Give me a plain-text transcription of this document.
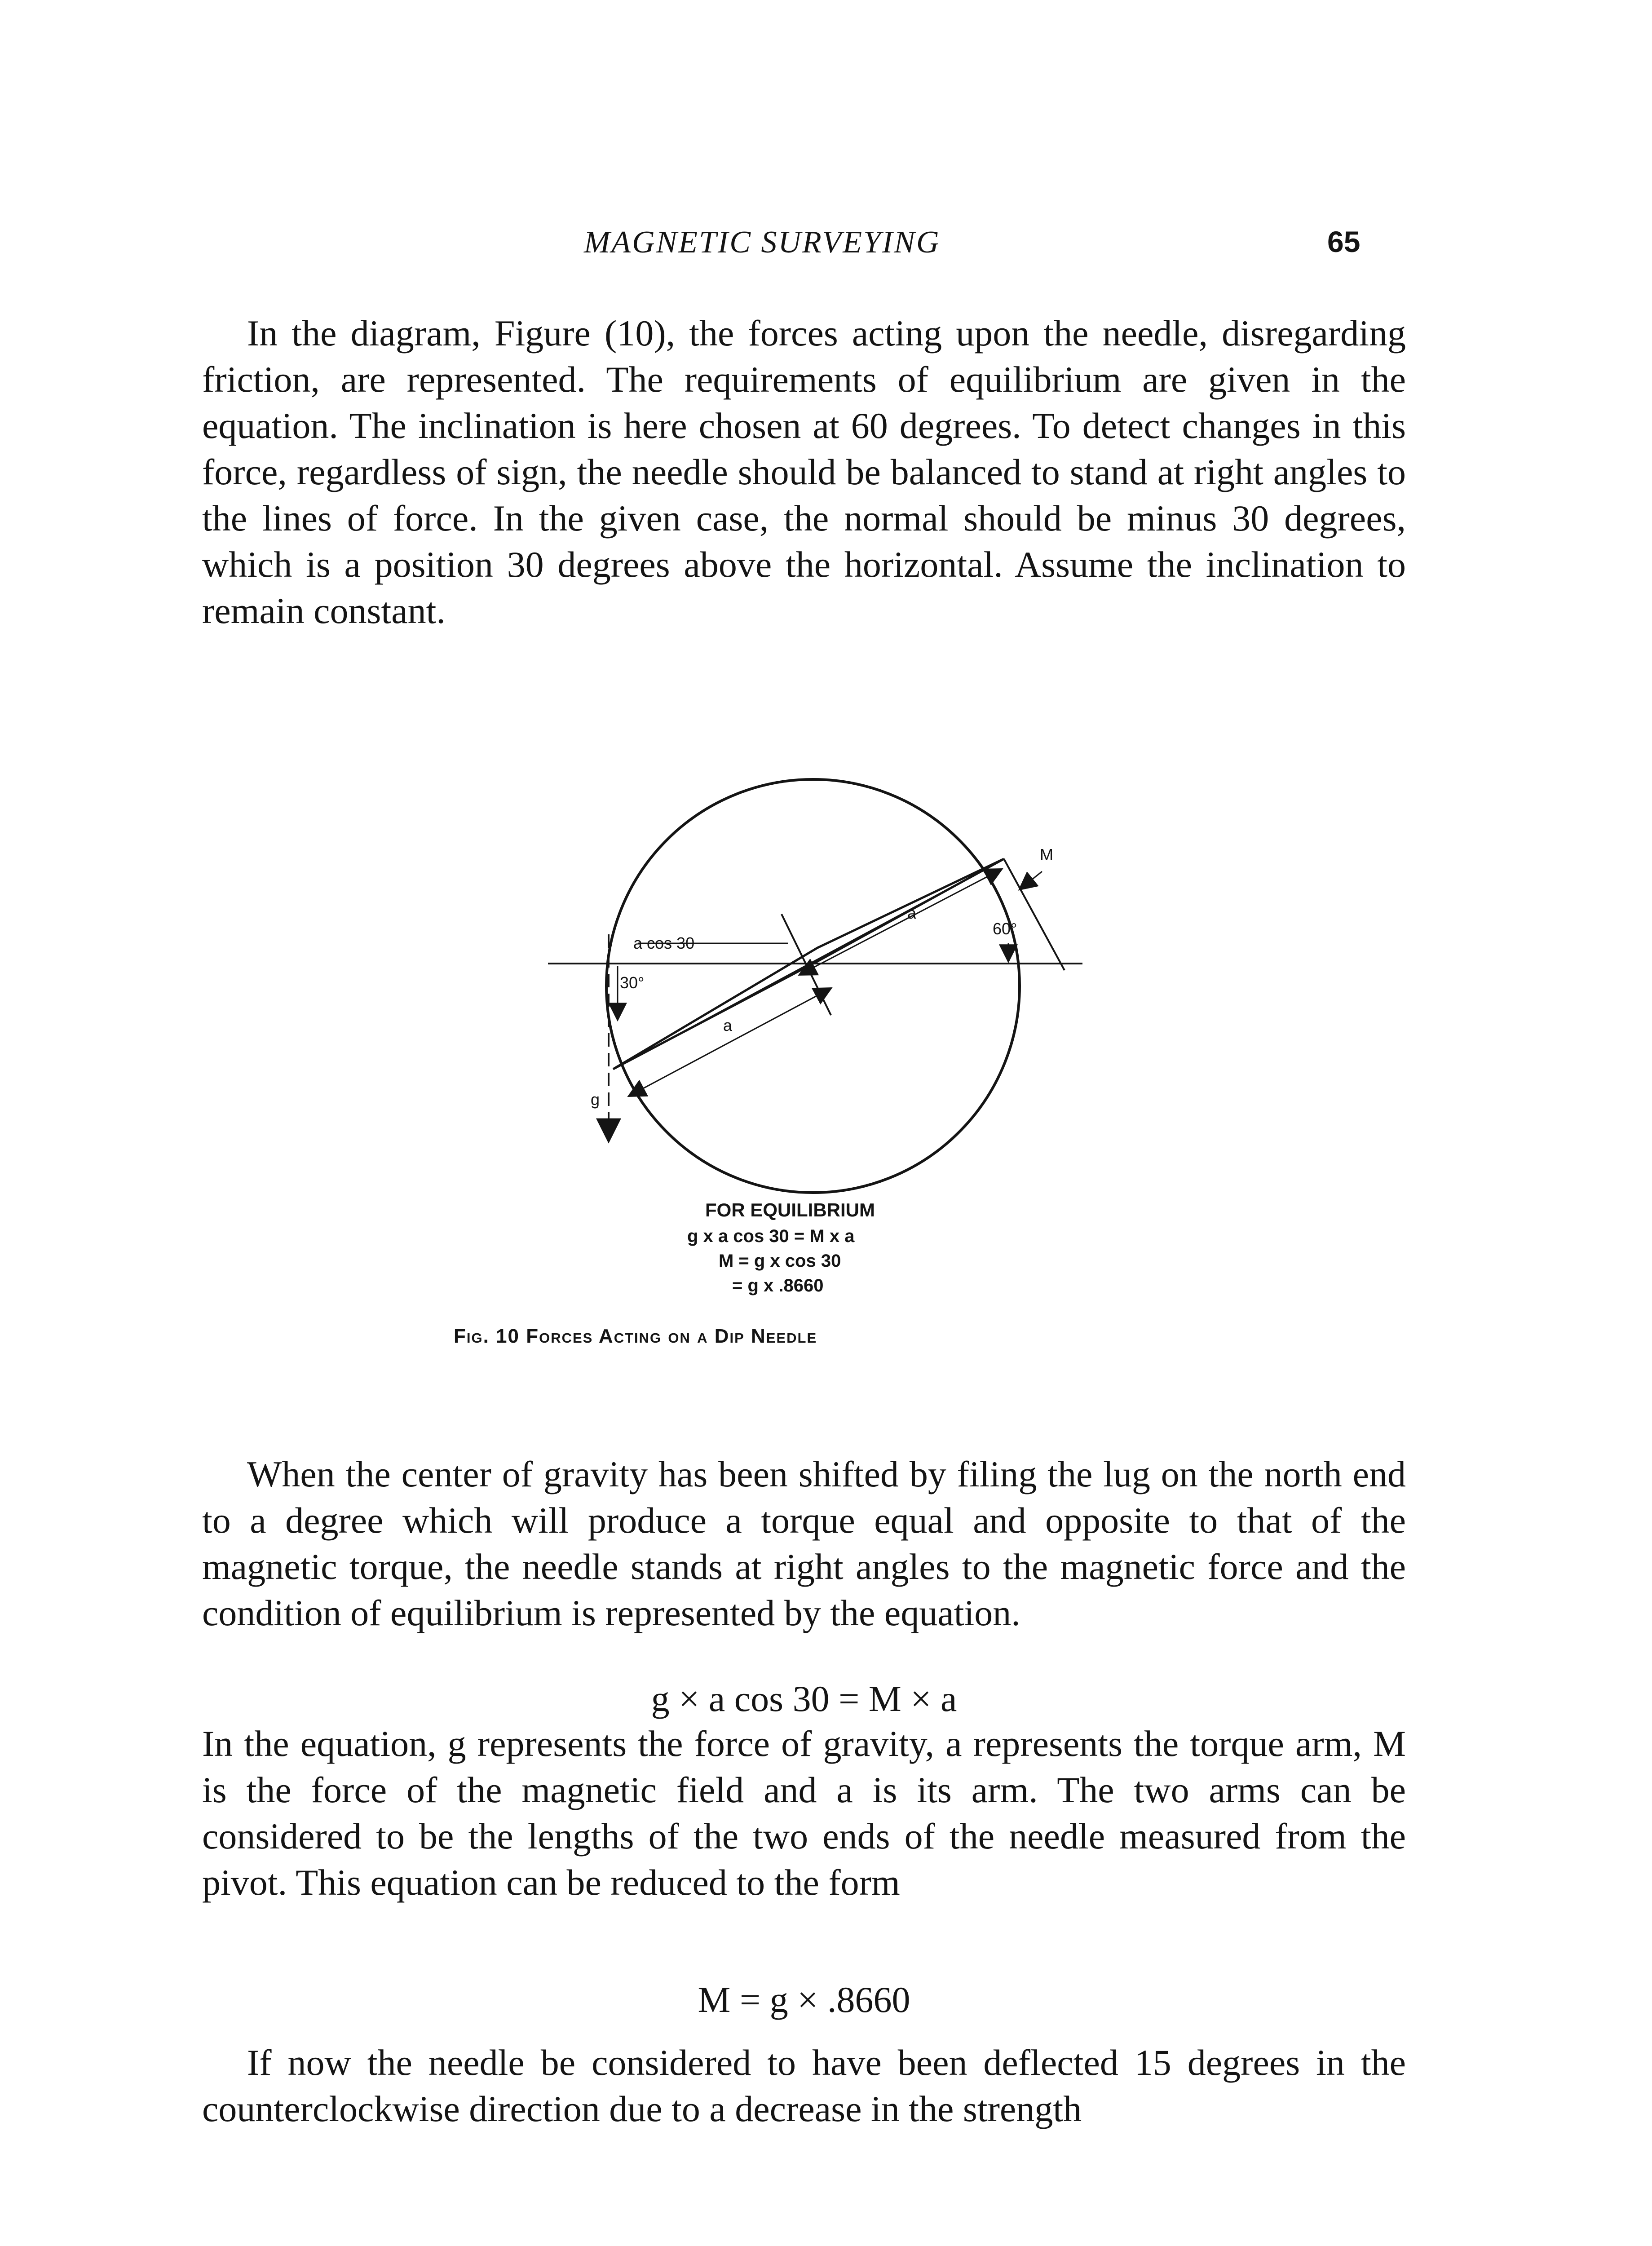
MAGNETIC SURVEYING	65

In the diagram, Figure (10), the forces acting upon the needle, disregarding friction, are represented. The requirements of equilibrium are given in the equation. The inclination is here chosen at 60 degrees. To detect changes in this force, regardless of sign, the needle should be balanced to stand at right angles to the lines of force. In the given case, the normal should be minus 30 degrees, which is a position 30 degrees above the horizontal. Assume the inclination to remain constant.

a cos 30
30°
60°
a
a
M
g
FOR EQUILIBRIUM
g x a cos 30 = M x a
M = g x cos 30
= g x .8660
Fig. 10 Forces Acting on a Dip Needle

When the center of gravity has been shifted by filing the lug on the north end to a degree which will produce a torque equal and opposite to that of the magnetic torque, the needle stands at right angles to the magnetic force and the condition of equilibrium is represented by the equation.

g × a cos 30 = M × a

In the equation, g represents the force of gravity, a represents the torque arm, M is the force of the magnetic field and a is its arm. The two arms can be considered to be the lengths of the two ends of the needle measured from the pivot. This equation can be reduced to the form

M = g × .8660

If now the needle be considered to have been deflected 15 degrees in the counterclockwise direction due to a decrease in the strength
